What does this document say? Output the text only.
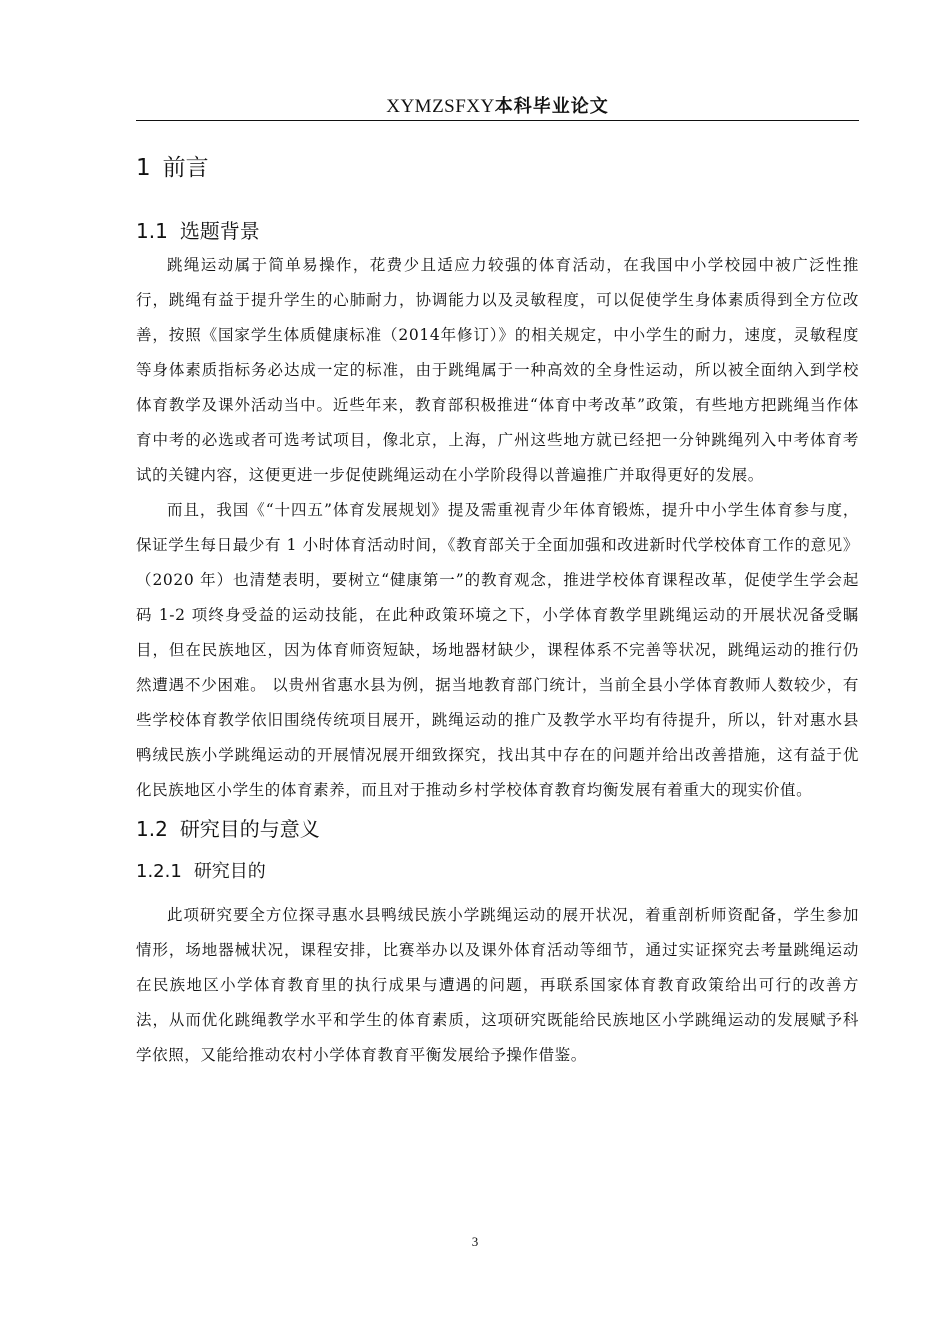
XYMZSFXY本科毕业论文
1 前言
1.1 选题背景

跳绳运动属于简单易操作，花费少且适应力较强的体育活动，在我国中小学校园中被广泛性推行，跳绳有益于提升学生的心肺耐力，协调能力以及灵敏程度，可以促使学生身体素质得到全方位改善，按照《国家学生体质健康标准（2014年修订）》的相关规定，中小学生的耐力，速度，灵敏程度等身体素质指标务必达成一定的标准，由于跳绳属于一种高效的全身性运动，所以被全面纳入到学校体育教学及课外活动当中。近些年来，教育部积极推进“体育中考改革”政策，有些地方把跳绳当作体育中考的必选或者可选考试项目，像北京，上海，广州这些地方就已经把一分钟跳绳列入中考体育考试的关键内容，这便更进一步促使跳绳运动在小学阶段得以普遍推广并取得更好的发展。

而且，我国《“十四五”体育发展规划》提及需重视青少年体育锻炼，提升中小学生体育参与度，保证学生每日最少有 1 小时体育活动时间，《教育部关于全面加强和改进新时代学校体育工作的意见》（2020 年）也清楚表明，要树立“健康第一”的教育观念，推进学校体育课程改革，促使学生学会起码 1-2 项终身受益的运动技能，在此种政策环境之下，小学体育教学里跳绳运动的开展状况备受瞩目，但在民族地区，因为体育师资短缺，场地器材缺少，课程体系不完善等状况，跳绳运动的推行仍然遭遇不少困难。 以贵州省惠水县为例，据当地教育部门统计，当前全县小学体育教师人数较少，有些学校体育教学依旧围绕传统项目展开，跳绳运动的推广及教学水平均有待提升，所以，针对惠水县鸭绒民族小学跳绳运动的开展情况展开细致探究，找出其中存在的问题并给出改善措施，这有益于优化民族地区小学生的体育素养，而且对于推动乡村学校体育教育均衡发展有着重大的现实价值。

1.2 研究目的与意义
1.2.1 研究目的

此项研究要全方位探寻惠水县鸭绒民族小学跳绳运动的展开状况，着重剖析师资配备，学生参加情形，场地器械状况，课程安排，比赛举办以及课外体育活动等细节，通过实证探究去考量跳绳运动在民族地区小学体育教育里的执行成果与遭遇的问题，再联系国家体育教育政策给出可行的改善方法，从而优化跳绳教学水平和学生的体育素质，这项研究既能给民族地区小学跳绳运动的发展赋予科学依照，又能给推动农村小学体育教育平衡发展给予操作借鉴。

3
